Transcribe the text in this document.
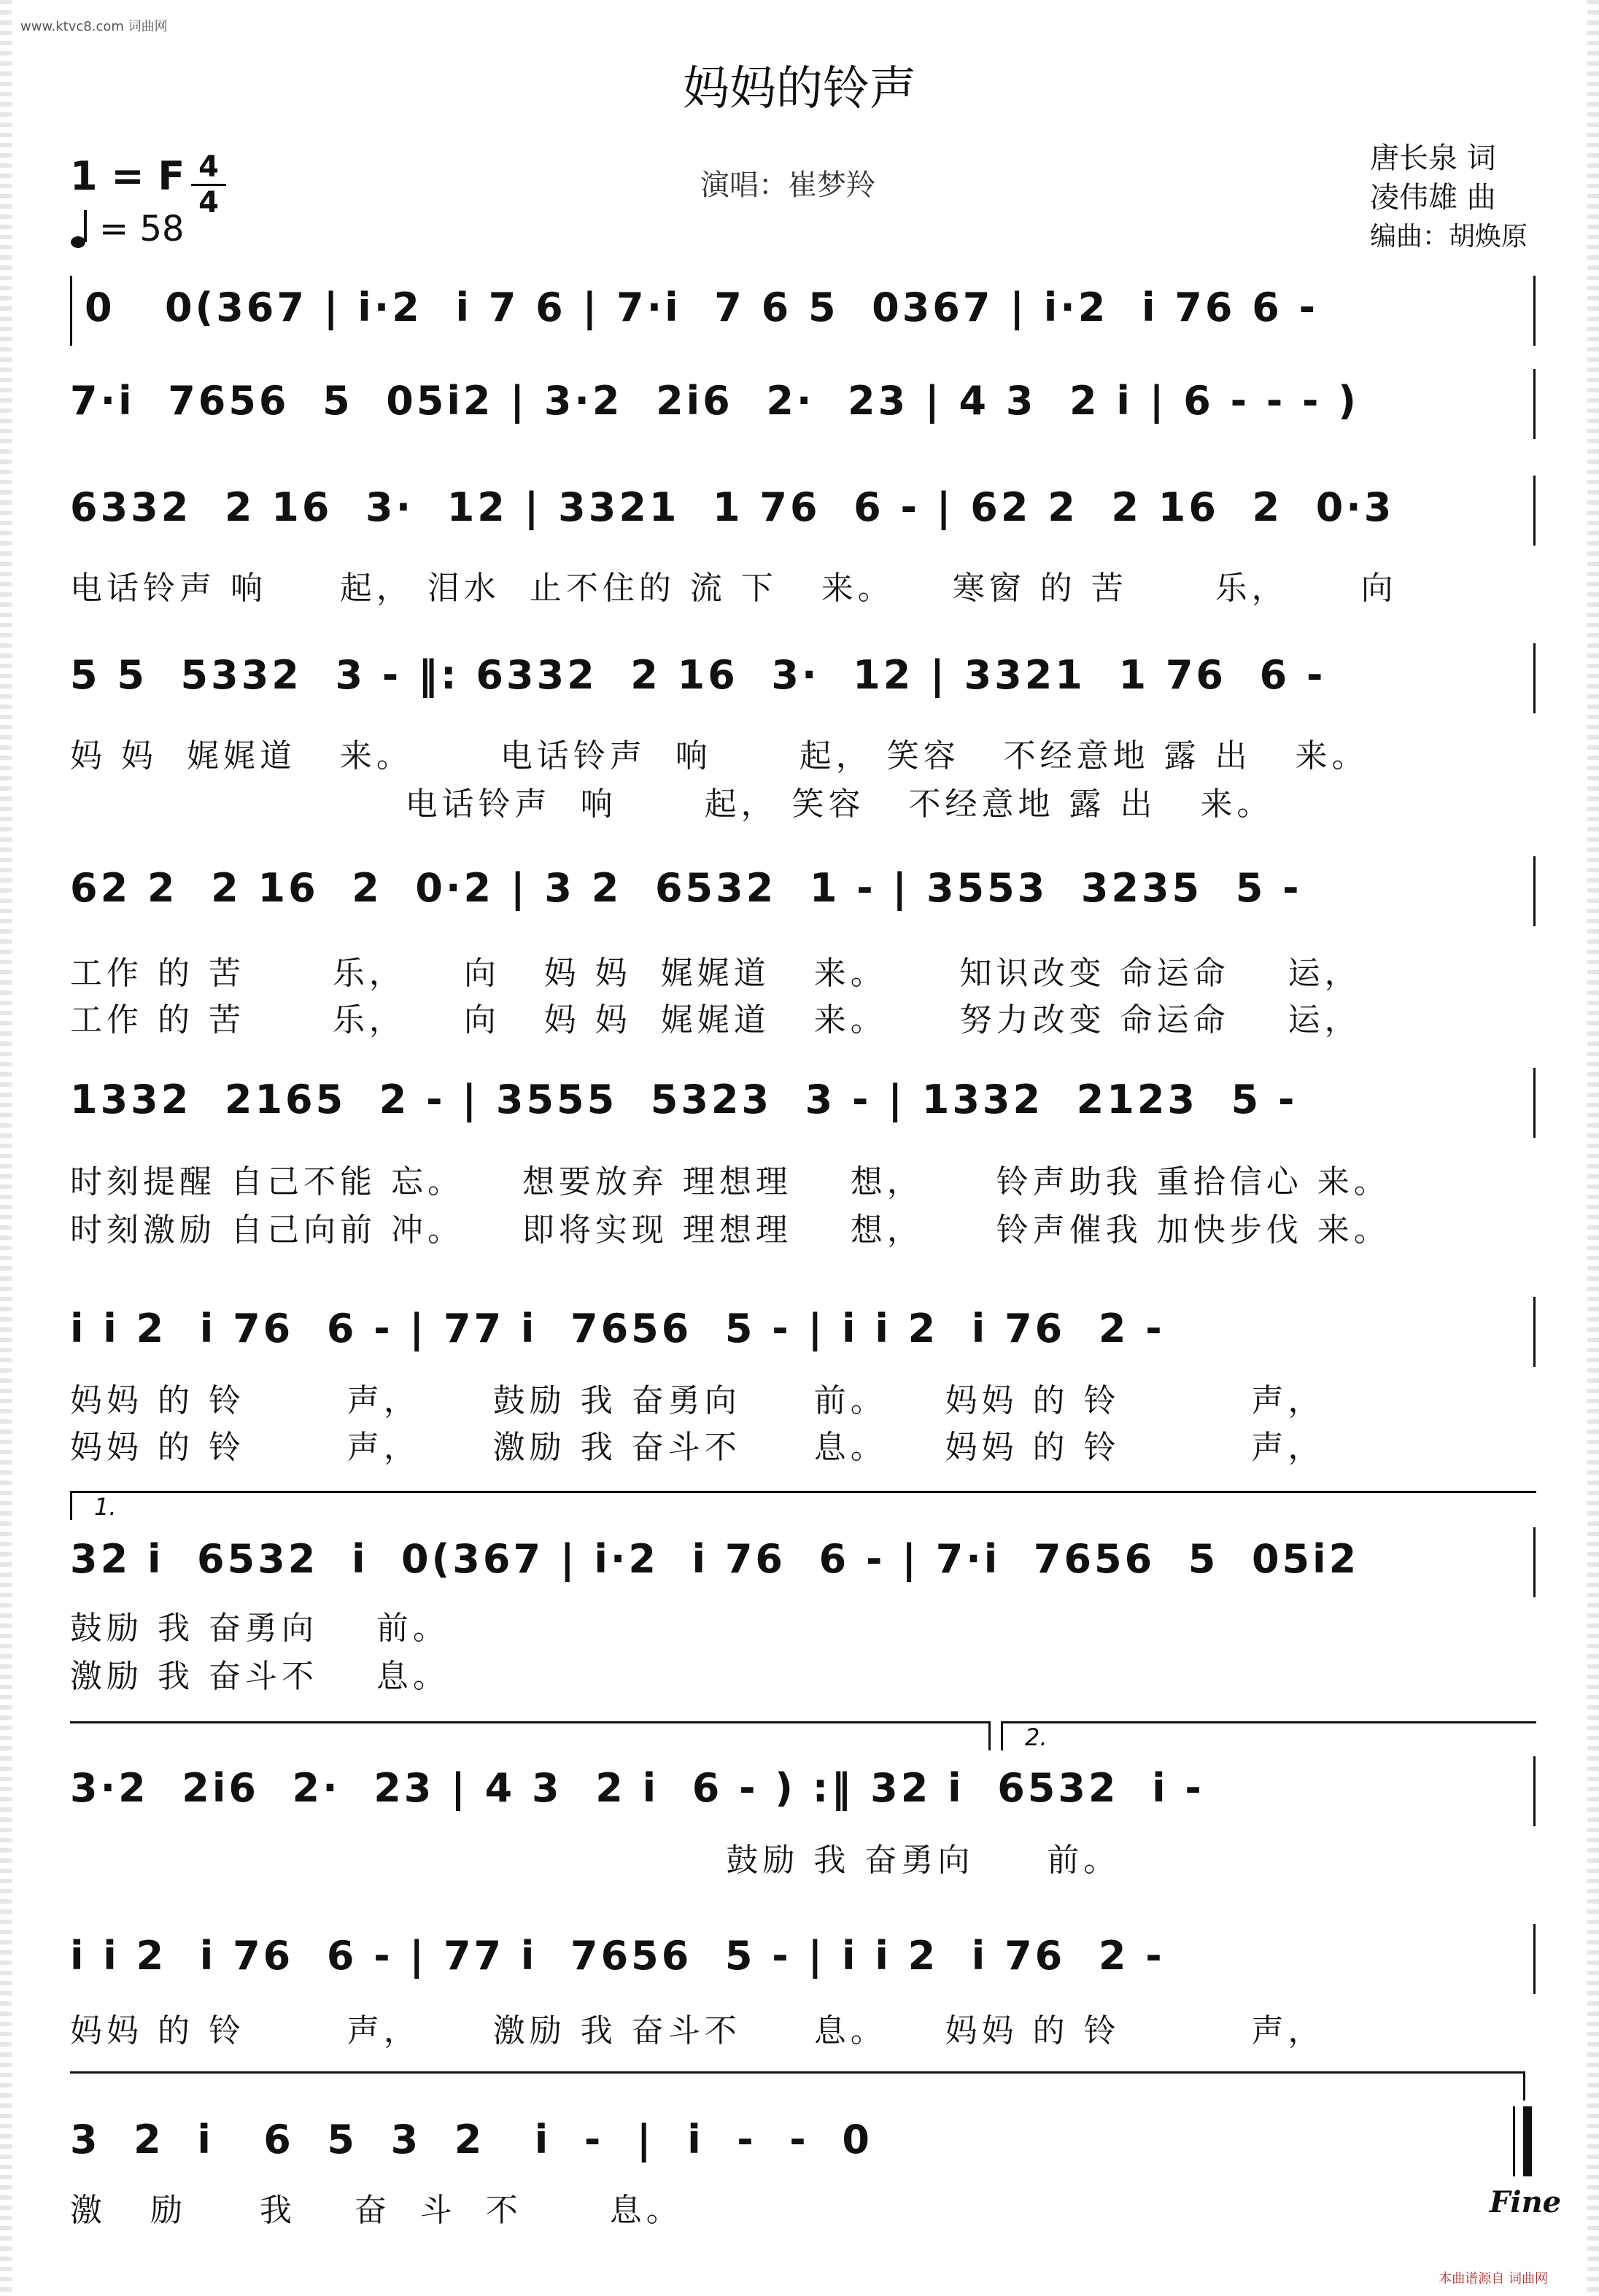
www.ktvc8.com 词曲网
本曲谱源自 词曲网
妈妈的铃声
1 = F 4
4
= 58
演唱：崔梦羚
唐长泉 词
凌伟雄 曲
编曲：胡焕原
0   0(367 | i·2  i 7 6 | 7·i  7 6 5  0367 | i·2  i 76 6 -
7·i  7656  5  05i2 | 3·2  2i6  2·  23 | 4 3  2 i | 6 - - - )
6332  2 16  3·  12 | 3321  1 76  6 - | 62 2  2 16  2  0·3
电话铃声 响     起， 泪水  止不住的 流 下   来。    寒窗 的 苦      乐，     向
5 5  5332  3 - ‖: 6332  2 16  3·  12 | 3321  1 76  6 -
妈 妈  娓娓道   来。      电话铃声  响      起， 笑容   不经意地 露 出   来。
电话铃声  响      起， 笑容   不经意地 露 出   来。
62 2  2 16  2  0·2 | 3 2  6532  1 - | 3553  3235  5 -
工作 的 苦      乐，    向   妈 妈  娓娓道   来。     知识改变 命运命    运，
工作 的 苦      乐，    向   妈 妈  娓娓道   来。     努力改变 命运命    运，
1332  2165  2 - | 3555  5323  3 - | 1332  2123  5 -
时刻提醒 自己不能 忘。    想要放弃 理想理    想，     铃声助我 重拾信心 来。
时刻激励 自己向前 冲。    即将实现 理想理    想，     铃声催我 加快步伐 来。
i i 2  i 76  6 - | 77 i  7656  5 - | i i 2  i 76  2 -
妈妈 的 铃       声，     鼓励 我 奋勇向     前。    妈妈 的 铃         声，
妈妈 的 铃       声，     激励 我 奋斗不     息。    妈妈 的 铃         声，
1.
32 i  6532  i  0(367 | i·2  i 76  6 - | 7·i  7656  5  05i2
鼓励 我 奋勇向    前。
激励 我 奋斗不    息。
2.
3·2  2i6  2·  23 | 4 3  2 i  6 - ) :‖ 32 i  6532  i -
鼓励 我 奋勇向     前。
i i 2  i 76  6 - | 77 i  7656  5 - | i i 2  i 76  2 -
妈妈 的 铃       声，     激励 我 奋斗不     息。    妈妈 的 铃         声，
3  2  i   6  5  3  2   i  -  |  i  -  -  0
激   励     我    奋  斗  不      息。	Fine
